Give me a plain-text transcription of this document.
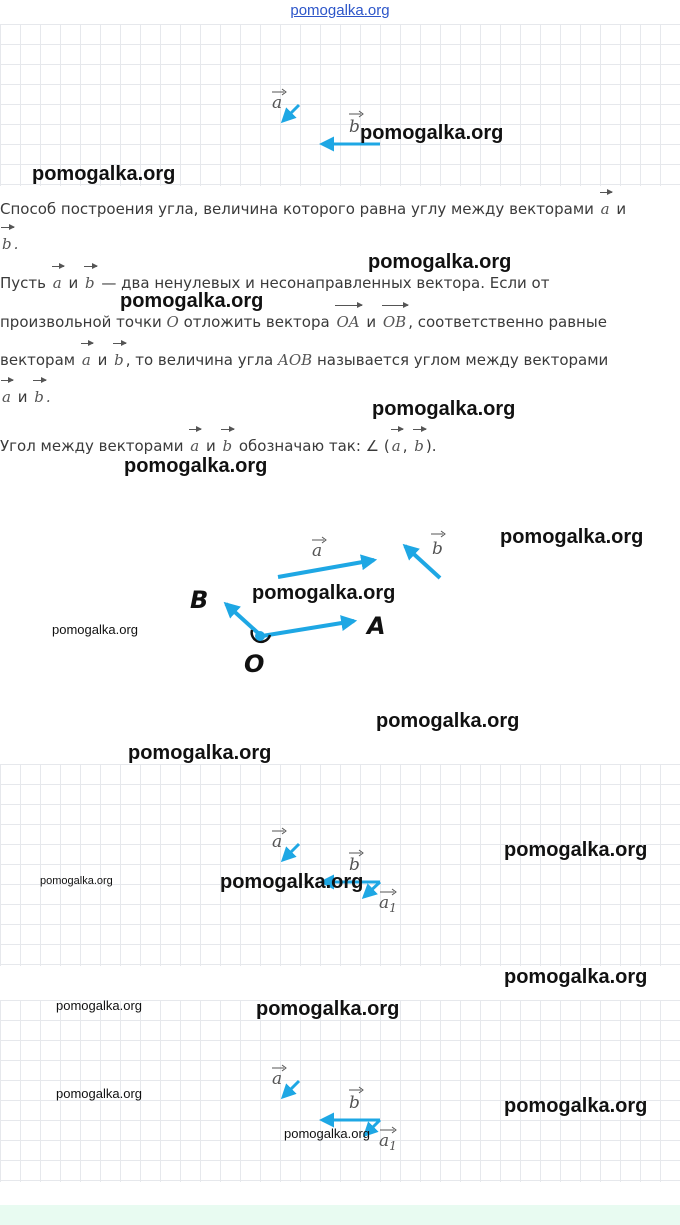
pomogalka.org
a
b
Способ построения угла, величина которого равна углу между векторами a и
b .
Пусть a и b — два ненулевых и несонаправленных вектора. Если от
произвольной точки O отложить вектора OA и OB , соответственно равные
векторам a и b , то величина угла AOB называется углом между векторами
a и b .
Угол между векторами a и b обозначаю так: ∠ ( a , b ).
a	b
B
A
O
a
b
$a_1$
a
b
$a_1$
pomogalka.org
pomogalka.org
pomogalka.org
pomogalka.org
pomogalka.org
pomogalka.org
pomogalka.org
pomogalka.org
pomogalka.org
pomogalka.org
pomogalka.org
pomogalka.org
pomogalka.org	pomogalka.org
pomogalka.org
pomogalka.org	pomogalka.org
pomogalka.org
pomogalka.org
pomogalka.org
